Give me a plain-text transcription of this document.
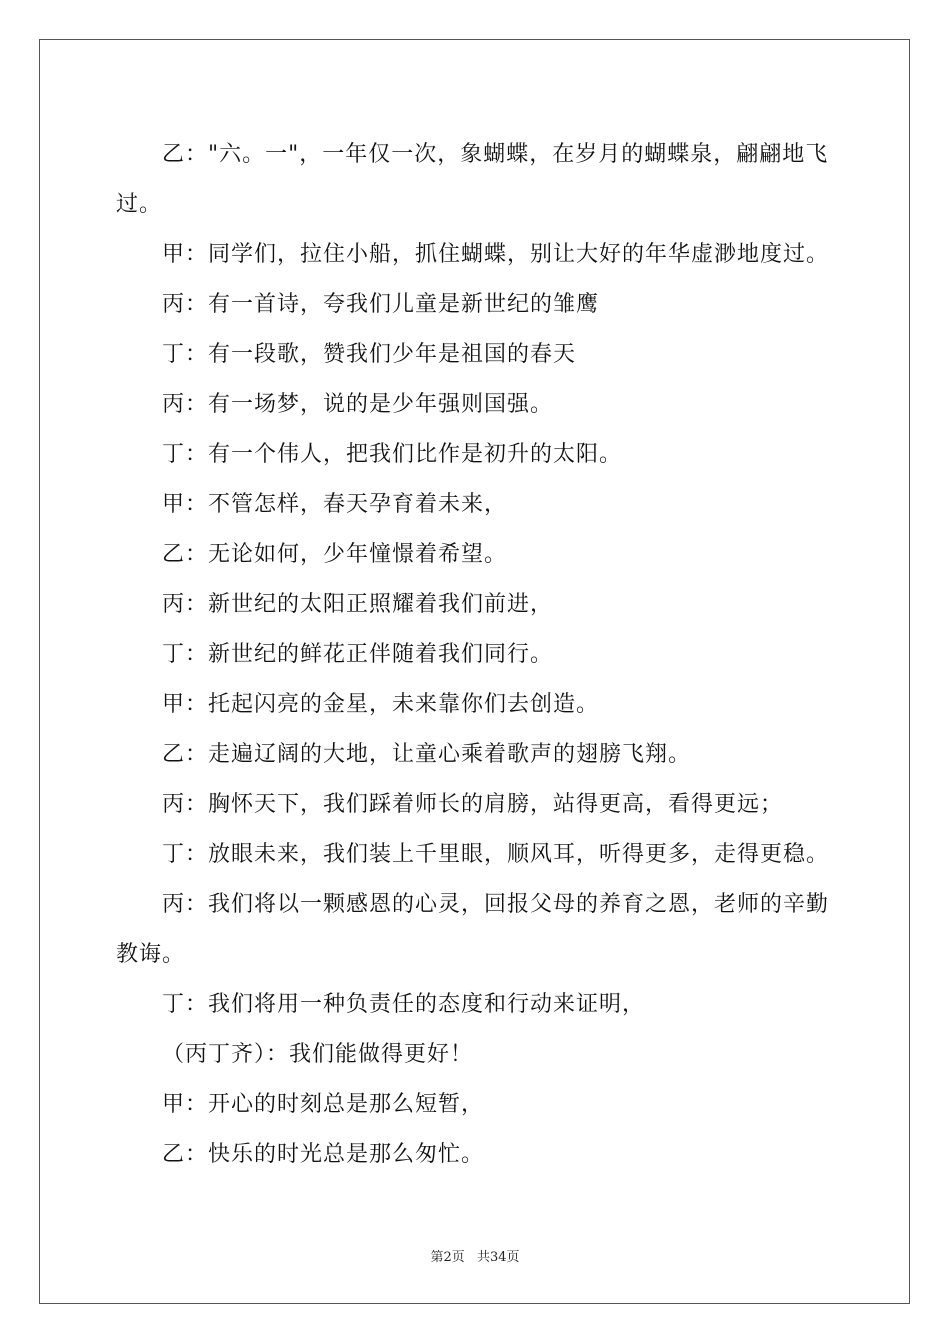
乙："六。一"，一年仅一次，象蝴蝶，在岁月的蝴蝶泉，翩翩地飞过。

甲：同学们，拉住小船，抓住蝴蝶，别让大好的年华虚渺地度过。

丙：有一首诗，夸我们儿童是新世纪的雏鹰

丁：有一段歌，赞我们少年是祖国的春天

丙：有一场梦，说的是少年强则国强。

丁：有一个伟人，把我们比作是初升的太阳。

甲：不管怎样，春天孕育着未来，

乙：无论如何，少年憧憬着希望。

丙：新世纪的太阳正照耀着我们前进，

丁：新世纪的鲜花正伴随着我们同行。

甲：托起闪亮的金星，未来靠你们去创造。

乙：走遍辽阔的大地，让童心乘着歌声的翅膀飞翔。

丙：胸怀天下，我们踩着师长的肩膀，站得更高，看得更远；

丁：放眼未来，我们装上千里眼，顺风耳，听得更多，走得更稳。

丙：我们将以一颗感恩的心灵，回报父母的养育之恩，老师的辛勤教诲。

丁：我们将用一种负责任的态度和行动来证明，

（丙丁齐）：我们能做得更好！

甲：开心的时刻总是那么短暂，

乙：快乐的时光总是那么匆忙。

第2页 共34页
